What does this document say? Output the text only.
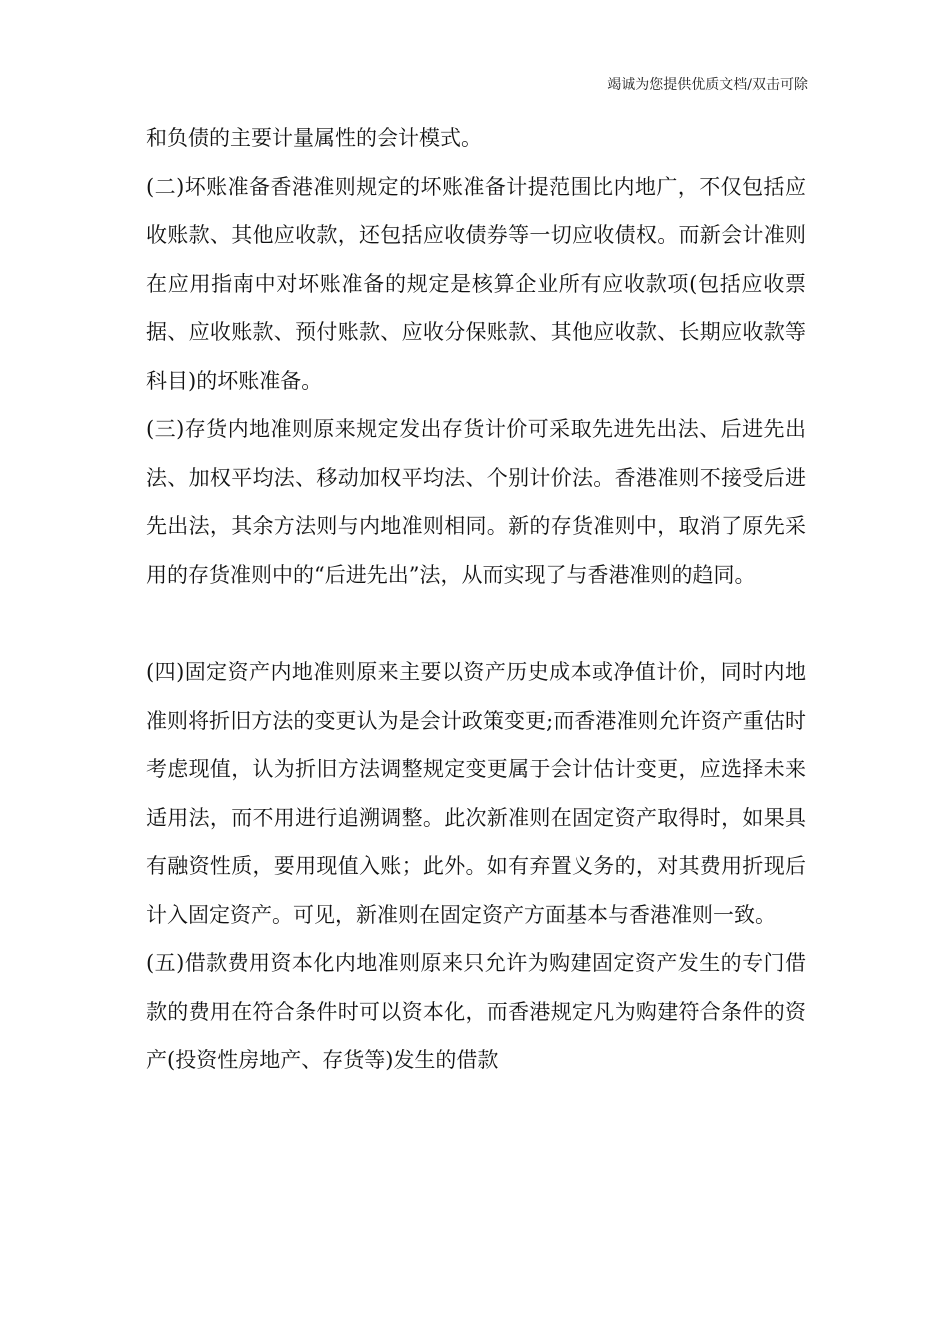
竭诚为您提供优质文档/双击可除

和负债的主要计量属性的会计模式。

(二)坏账准备香港准则规定的坏账准备计提范围比内地广，不仅包括应收账款、其他应收款，还包括应收债券等一切应收债权。而新会计准则在应用指南中对坏账准备的规定是核算企业所有应收款项(包括应收票据、应收账款、预付账款、应收分保账款、其他应收款、长期应收款等科目)的坏账准备。

(三)存货内地准则原来规定发出存货计价可采取先进先出法、后进先出法、加权平均法、移动加权平均法、个别计价法。香港准则不接受后进先出法，其余方法则与内地准则相同。新的存货准则中，取消了原先采用的存货准则中的“后进先出”法，从而实现了与香港准则的趋同。

(四)固定资产内地准则原来主要以资产历史成本或净值计价，同时内地准则将折旧方法的变更认为是会计政策变更;而香港准则允许资产重估时考虑现值，认为折旧方法调整规定变更属于会计估计变更，应选择未来适用法，而不用进行追溯调整。此次新准则在固定资产取得时，如果具有融资性质，要用现值入账；此外。如有弃置义务的，对其费用折现后计入固定资产。可见，新准则在固定资产方面基本与香港准则一致。

(五)借款费用资本化内地准则原来只允许为购建固定资产发生的专门借款的费用在符合条件时可以资本化，而香港规定凡为购建符合条件的资产(投资性房地产、存货等)发生的借款
